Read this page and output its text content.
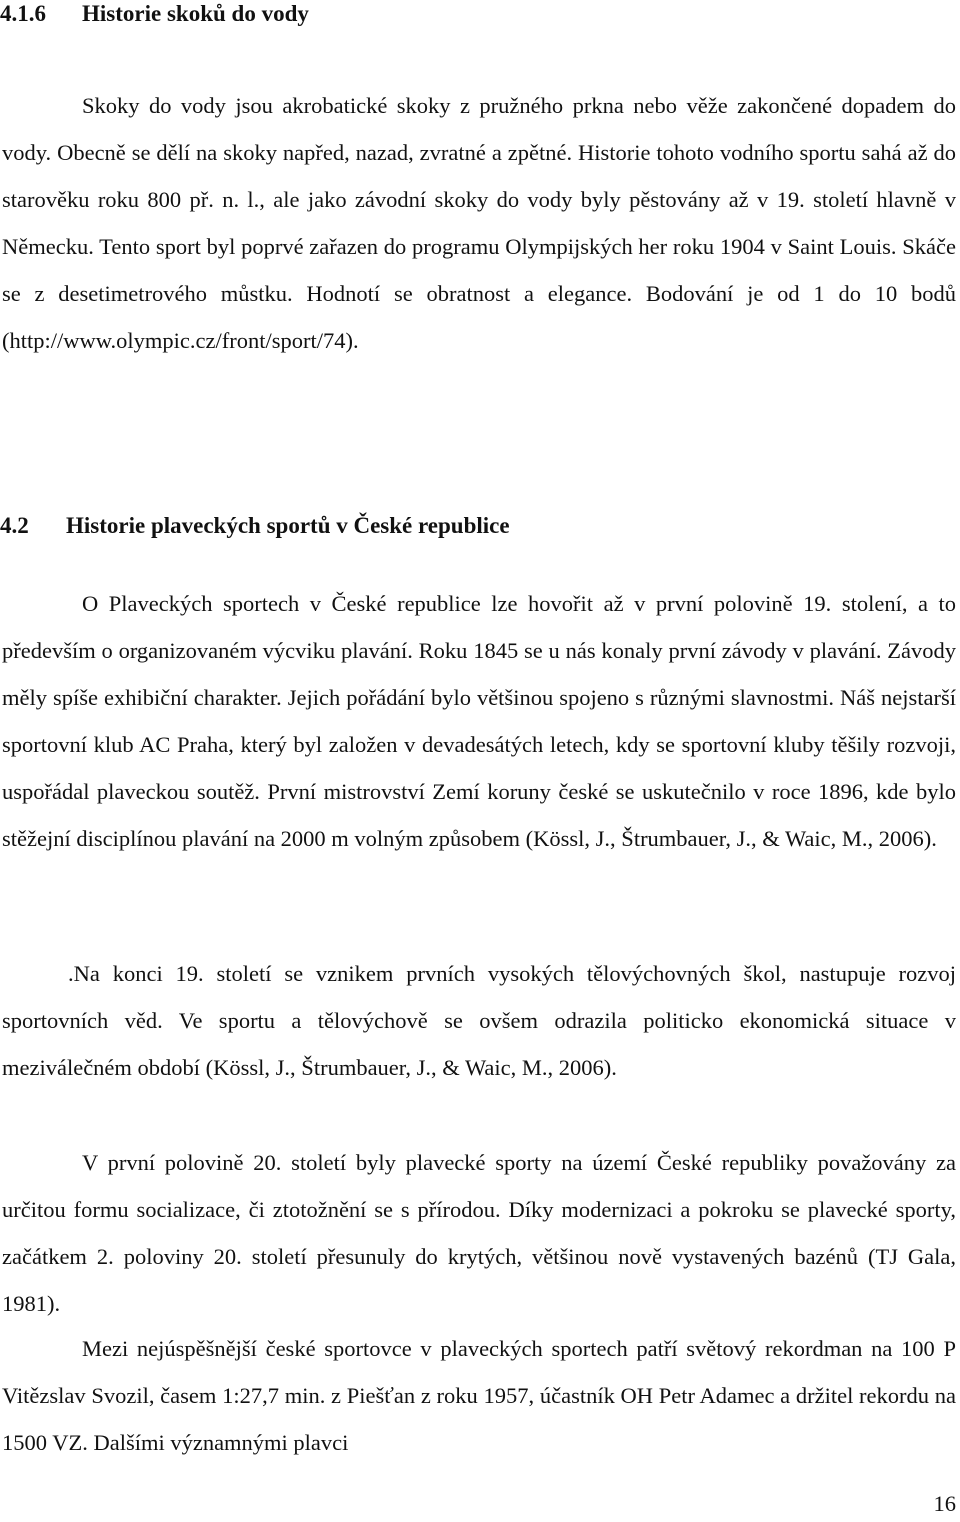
4.1.6 Historie skoků do vody

Skoky do vody jsou akrobatické skoky z pružného prkna nebo věže zakončené dopadem do vody. Obecně se dělí na skoky napřed, nazad, zvratné a zpětné. Historie tohoto vodního sportu sahá až do starověku roku 800 př. n. l., ale jako závodní skoky do vody byly pěstovány až v 19. století hlavně v Německu. Tento sport byl poprvé zařazen do programu Olympijských her roku 1904 v Saint Louis. Skáče se z desetimetrového můstku. Hodnotí se obratnost a elegance. Bodování je od 1 do 10 bodů (http://www.olympic.cz/front/sport/74).

4.2 Historie plaveckých sportů v České republice

O Plaveckých sportech v České republice lze hovořit až v první polovině 19. stolení, a to především o organizovaném výcviku plavání. Roku 1845 se u nás konaly první závody v plavání. Závody měly spíše exhibiční charakter. Jejich pořádání bylo většinou spojeno s různými slavnostmi. Náš nejstarší sportovní klub AC Praha, který byl založen v devadesátých letech, kdy se sportovní kluby těšily rozvoji, uspořádal plaveckou soutěž. První mistrovství Zemí koruny české se uskutečnilo v roce 1896, kde bylo stěžejní disciplínou plavání na 2000 m volným způsobem (Kössl, J., Štrumbauer, J., & Waic, M., 2006).

.Na konci 19. století se vznikem prvních vysokých tělovýchovných škol, nastupuje rozvoj sportovních věd. Ve sportu a tělovýchově se ovšem odrazila politicko ekonomická situace v meziválečném období (Kössl, J., Štrumbauer, J., & Waic, M., 2006).

V první polovině 20. století byly plavecké sporty na území České republiky považovány za určitou formu socializace, či ztotožnění se s přírodou. Díky modernizaci a pokroku se plavecké sporty, začátkem 2. poloviny 20. století přesunuly do krytých, většinou nově vystavených bazénů (TJ Gala, 1981).

Mezi nejúspěšnější české sportovce v plaveckých sportech patří světový rekordman na 100 P Vitězslav Svozil, časem 1:27,7 min. z Piešťan z roku 1957, účastník OH Petr Adamec a držitel rekordu na 1500 VZ. Dalšími významnými plavci

16
